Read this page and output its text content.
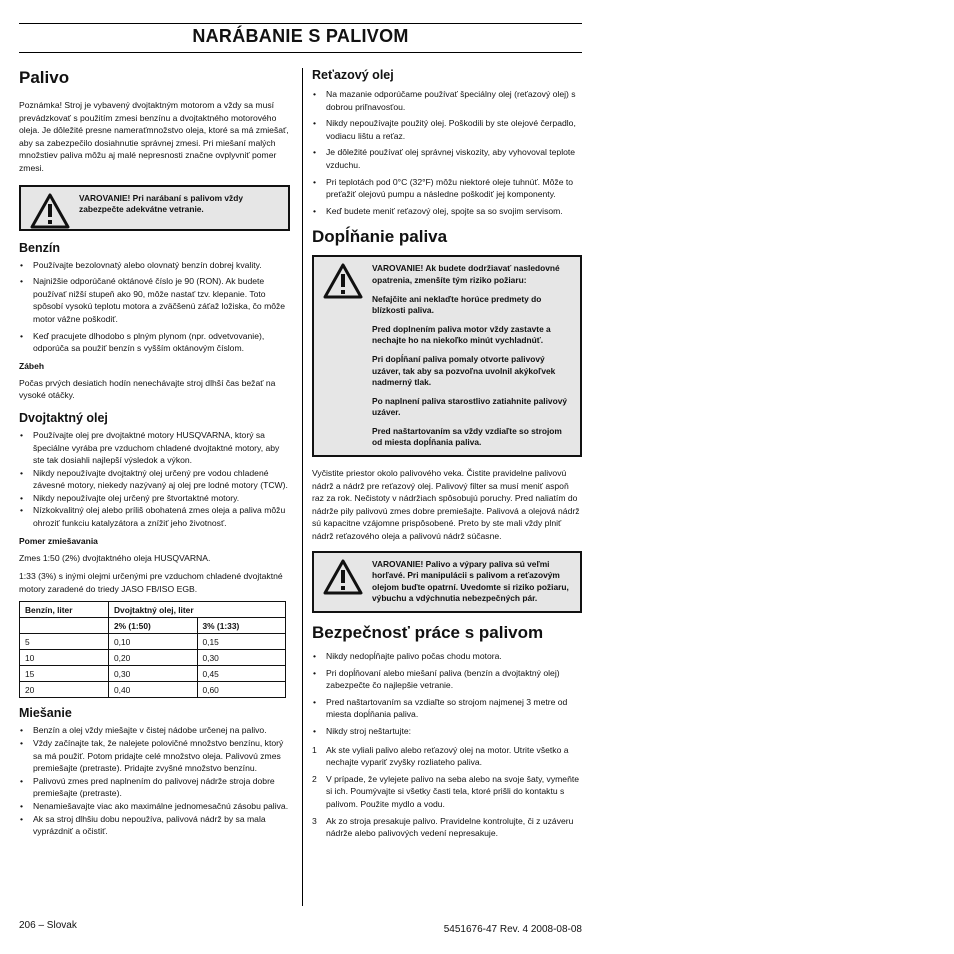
NARÁBANIE S PALIVOM
Palivo

Poznámka! Stroj je vybavený dvojtaktným motorom a vždy sa musí prevádzkovať s použitím zmesi benzínu a dvojtaktného motorového oleja. Je dôležité presne nameraťmnožstvo oleja, ktoré sa má zmiešať, aby sa zabezpečilo dosiahnutie správnej zmesi. Pri miešaní malých množstiev paliva môžu aj malé nepresnosti značne ovplyvniť pomer zmesi.

VAROVANIE! Pri narábaní s palivom vždy zabezpečte adekvátne vetranie.

Benzín
• Používajte bezolovnatý alebo olovnatý benzín dobrej kvality.
• Najnižšie odporúčané oktánové číslo je 90 (RON). Ak budete používať nižší stupeň ako 90, môže nastať tzv. klepanie. Toto spôsobí vysokú teplotu motora a zväčšenú záťaž ložiska, čo môže motor vážne poškodiť.
• Keď pracujete dlhodobo s plným plynom (npr. odvetvovanie), odporúča sa použiť benzín s vyšším oktánovým číslom.
Zábeh

Počas prvých desiatich hodín nenechávajte stroj dlhší čas bežať na vysoké otáčky.

Dvojtaktný olej
• Používajte olej pre dvojtaktné motory HUSQVARNA, ktorý sa špeciálne vyrába pre vzduchom chladené dvojtaktné motory, aby ste tak dosiahli najlepší výsledok a výkon.
• Nikdy nepoužívajte dvojtaktný olej určený pre vodou chladené závesné motory, niekedy nazývaný aj olej pre lodné motory (TCW).
• Nikdy nepoužívajte olej určený pre štvortaktné motory.
• Nízkokvalitný olej alebo príliš obohatená zmes oleja a paliva môžu ohroziť funkciu katalyzátora a znížiť jeho životnosť.
Pomer zmiešavania

Zmes 1:50 (2%) dvojtaktného oleja HUSQVARNA.

1:33 (3%) s inými olejmi určenými pre vzduchom chladené dvojtaktné motory zaradené do triedy JASO FB/ISO EGB.

Benzín, liter	Dvojtaktný olej, liter	
	2% (1:50)	3% (1:33)
5	0,10	0,15
10	0,20	0,30
15	0,30	0,45
20	0,40	0,60
Miešanie
• Benzín a olej vždy miešajte v čistej nádobe určenej na palivo.
• Vždy začínajte tak, že nalejete polovičné množstvo benzínu, ktorý sa má použiť. Potom pridajte celé množstvo oleja. Palivovú zmes premiešajte (pretraste). Pridajte zvyšné množstvo benzínu.
• Palivovú zmes pred naplnením do palivovej nádrže stroja dobre premiešajte (pretraste).
• Nenamiešavajte viac ako maximálne jednomesačnú zásobu paliva.
• Ak sa stroj dlhšiu dobu nepoužíva, palivová nádrž by sa mala vyprázdniť a očistiť.
Reťazový olej
• Na mazanie odporúčame používať špeciálny olej (reťazový olej) s dobrou priľnavosťou.
• Nikdy nepoužívajte použitý olej. Poškodili by ste olejové čerpadlo, vodiacu lištu a reťaz.
• Je dôležité používať olej správnej viskozity, aby vyhovoval teplote vzduchu.
• Pri teplotách pod 0°C (32°F) môžu niektoré oleje tuhnúť. Môže to preťažiť olejovú pumpu a následne poškodiť jej komponenty.
• Keď budete meniť reťazový olej, spojte sa so svojim servisom.
Dopĺňanie paliva

VAROVANIE! Ak budete dodržiavať nasledovné opatrenia, zmenšíte tým riziko požiaru:

Nefajčite ani neklaďte horúce predmety do blízkosti paliva.

Pred doplnením paliva motor vždy zastavte a nechajte ho na niekoľko minút vychladnúť.

Pri dopĺňaní paliva pomaly otvorte palivový uzáver, tak aby sa pozvoľna uvolnil akýkoľvek nadmerný tlak.

Po naplnení paliva starostlivo zatiahnite palivový uzáver.

Pred naštartovaním sa vždy vzdiaľte so strojom od miesta dopĺňania paliva.

Vyčistite priestor okolo palivového veka. Čistite pravidelne palivovú nádrž a nádrž pre reťazový olej. Palivový filter sa musí meniť aspoň raz za rok. Nečistoty v nádržiach spôsobujú poruchy. Pred naliatím do nádrže pily palivovú zmes dobre premiešajte. Palivová a olejová nádrž sú kapacitne vzájomne prispôsobené. Preto by ste mali vždy plniť nádrž reťazového oleja a palivovú nádrž súčasne.

VAROVANIE! Palivo a výpary paliva sú veľmi horľavé. Pri manipulácii s palivom a reťazovým olejom buďte opatrní. Uvedomte si riziko požiaru, výbuchu a vdýchnutia nebezpečných pár.

Bezpečnosť práce s palivom
• Nikdy nedopĺňajte palivo počas chodu motora.
• Pri dopĺňovaní alebo miešaní paliva (benzín a dvojtaktný olej) zabezpečte čo najlepšie vetranie.
• Pred naštartovaním sa vzdiaľte so strojom najmenej 3 metre od miesta dopĺňania paliva.
• Nikdy stroj neštartujte:
1 Ak ste vyliali palivo alebo reťazový olej na motor. Utrite všetko a nechajte vypariť zvyšky rozliateho paliva.
2 V prípade, že vylejete palivo na seba alebo na svoje šaty, vymeňte si ich. Poumývajte si všetky časti tela, ktoré prišli do kontaktu s palivom. Použite mydlo a vodu.
3 Ak zo stroja presakuje palivo. Pravidelne kontrolujte, či z uzáveru nádrže alebo palivových vedení nepresakuje.
206 – Slovak	5451676-47 Rev. 4 2008-08-08
